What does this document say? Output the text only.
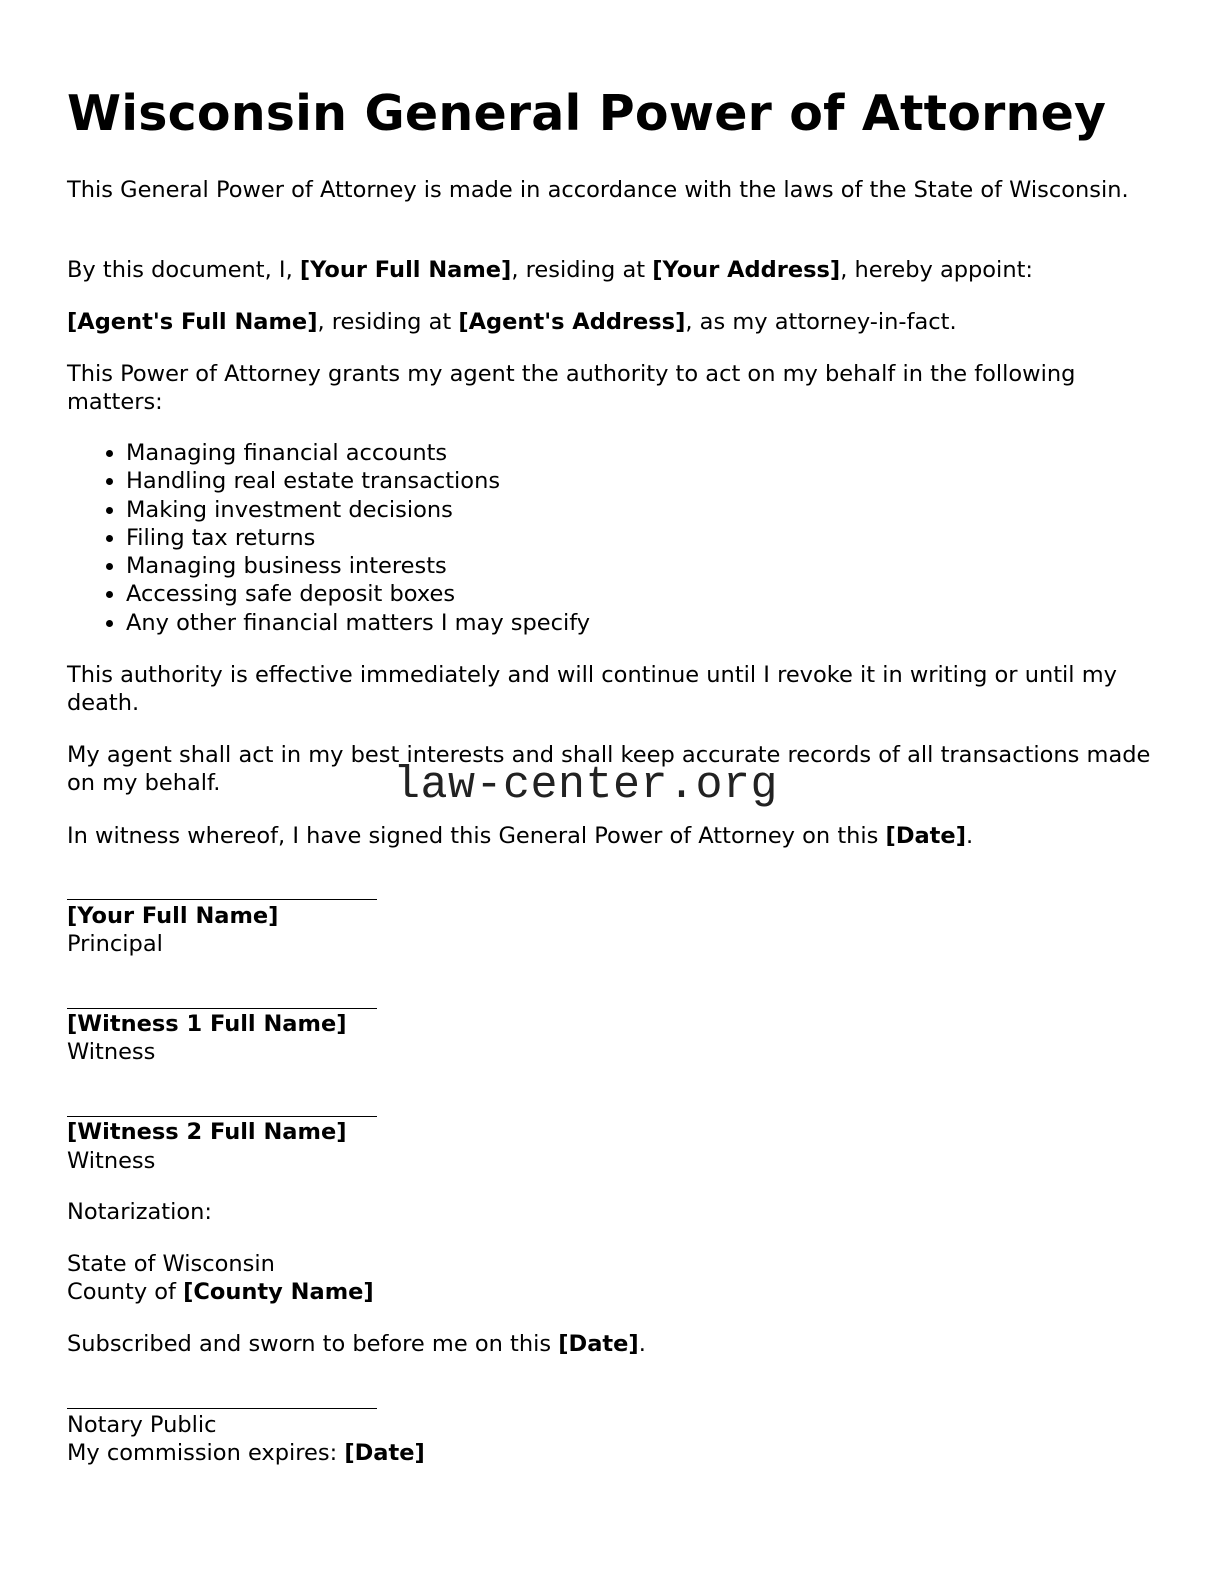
Wisconsin General Power of Attorney

This General Power of Attorney is made in accordance with the laws of the State of Wisconsin.

By this document, I, [Your Full Name], residing at [Your Address], hereby appoint:

[Agent's Full Name], residing at [Agent's Address], as my attorney-in-fact.

This Power of Attorney grants my agent the authority to act on my behalf in the following matters:

• Managing financial accounts
• Handling real estate transactions
• Making investment decisions
• Filing tax returns
• Managing business interests
• Accessing safe deposit boxes
• Any other financial matters I may specify

This authority is effective immediately and will continue until I revoke it in writing or until my death.

My agent shall act in my best interests and shall keep accurate records of all transactions made on my behalf.

In witness whereof, I have signed this General Power of Attorney on this [Date].

[Your Full Name]

Principal

[Witness 1 Full Name]

Witness

[Witness 2 Full Name]

Witness

Notarization:

State of Wisconsin

County of [County Name]

Subscribed and sworn to before me on this [Date].

Notary Public

My commission expires: [Date]

law-center.org
